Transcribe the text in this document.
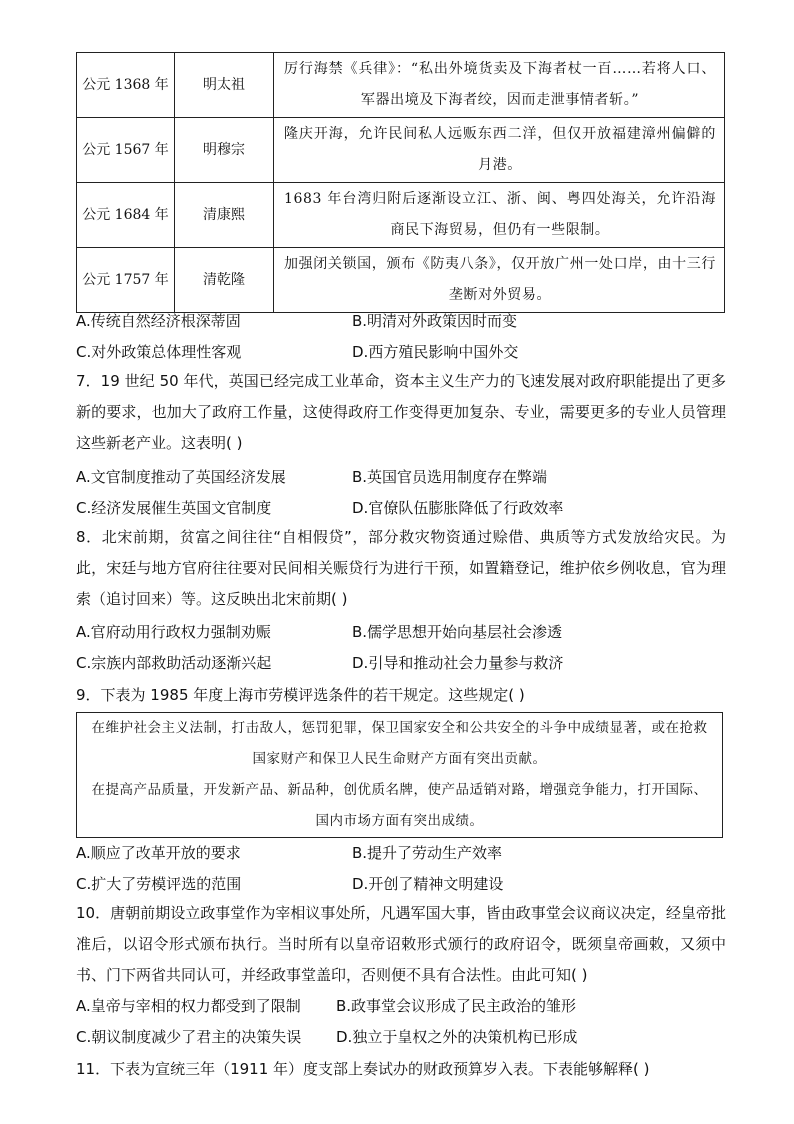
公元 1368 年	明太祖	厉行海禁《兵律》：“私出外境货卖及下海者杖一百……若将人口、军器出境及下海者绞，因而走泄事情者斩。”
公元 1567 年	明穆宗	隆庆开海，允许民间私人远贩东西二洋，但仅开放福建漳州偏僻的月港。
公元 1684 年	清康熙	1683 年台湾归附后逐渐设立江、浙、闽、粤四处海关，允许沿海商民下海贸易，但仍有一些限制。
公元 1757 年	清乾隆	加强闭关锁国，颁布《防夷八条》，仅开放广州一处口岸，由十三行垄断对外贸易。
A.传统自然经济根深蒂固	B.明清对外政策因时而变
C.对外政策总体理性客观	D.西方殖民影响中国外交
7．19 世纪 50 年代，英国已经完成工业革命，资本主义生产力的飞速发展对政府职能提出了更多新的要求，也加大了政府工作量，这使得政府工作变得更加复杂、专业，需要更多的专业人员管理这些新老产业。这表明( )
A.文官制度推动了英国经济发展	B.英国官员选用制度存在弊端
C.经济发展催生英国文官制度	D.官僚队伍膨胀降低了行政效率
8．北宋前期，贫富之间往往“自相假贷”，部分救灾物资通过赊借、典质等方式发放给灾民。为此，宋廷与地方官府往往要对民间相关赈贷行为进行干预，如置籍登记，维护依乡例收息，官为理索（追讨回来）等。这反映出北宋前期( )
A.官府动用行政权力强制劝赈	B.儒学思想开始向基层社会渗透
C.宗族内部救助活动逐渐兴起	D.引导和推动社会力量参与救济
9．下表为 1985 年度上海市劳模评选条件的若干规定。这些规定( )

在维护社会主义法制，打击敌人，惩罚犯罪，保卫国家安全和公共安全的斗争中成绩显著，或在抢救国家财产和保卫人民生命财产方面有突出贡献。

在提高产品质量，开发新产品、新品种，创优质名牌，使产品适销对路，增强竞争能力，打开国际、国内市场方面有突出成绩。

A.顺应了改革开放的要求	B.提升了劳动生产效率
C.扩大了劳模评选的范围	D.开创了精神文明建设
10．唐朝前期设立政事堂作为宰相议事处所，凡遇军国大事，皆由政事堂会议商议决定，经皇帝批准后，以诏令形式颁布执行。当时所有以皇帝诏敕形式颁行的政府诏令，既须皇帝画敕，又须中书、门下两省共同认可，并经政事堂盖印，否则便不具有合法性。由此可知( )
A.皇帝与宰相的权力都受到了限制 B.政事堂会议形成了民主政治的雏形
C.朝议制度减少了君主的决策失误 D.独立于皇权之外的决策机构已形成
11．下表为宣统三年（1911 年）度支部上奏试办的财政预算岁入表。下表能够解释( )
